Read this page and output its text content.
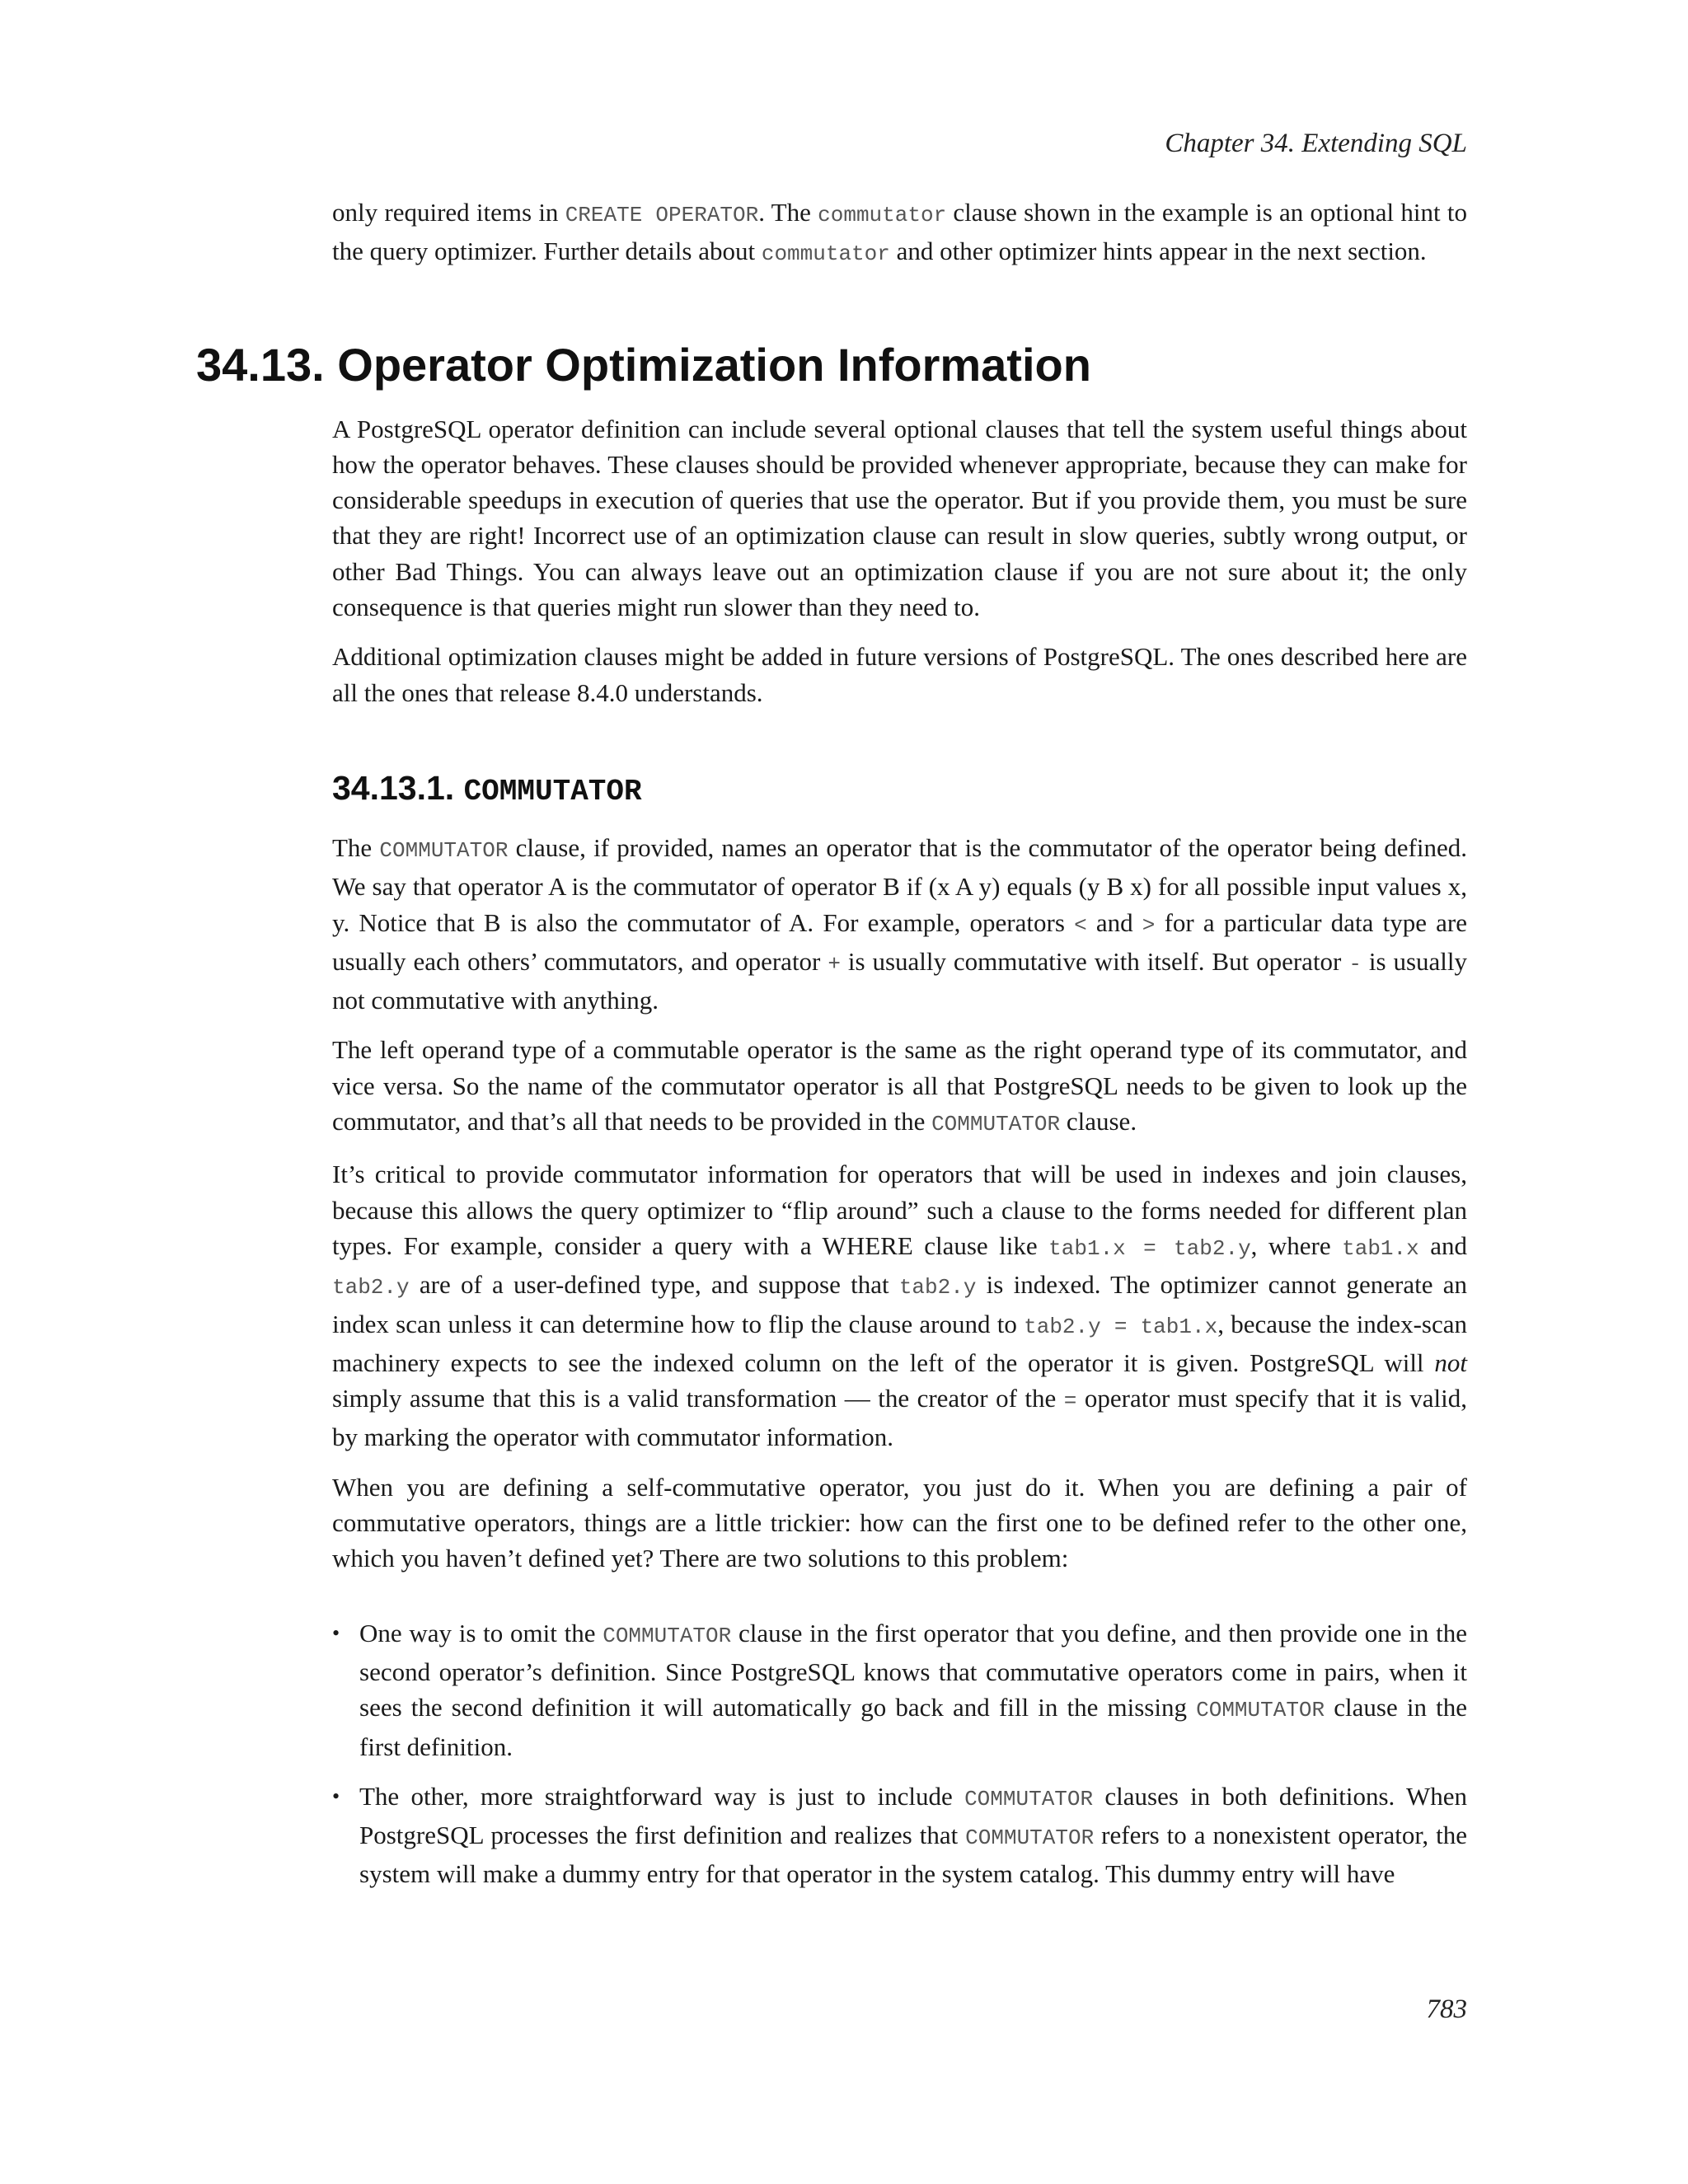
Chapter 34. Extending SQL

only required items in CREATE OPERATOR. The commutator clause shown in the example is an optional hint to the query optimizer. Further details about commutator and other optimizer hints appear in the next section.

34.13. Operator Optimization Information

A PostgreSQL operator definition can include several optional clauses that tell the system useful things about how the operator behaves. These clauses should be provided whenever appropriate, because they can make for considerable speedups in execution of queries that use the operator. But if you provide them, you must be sure that they are right! Incorrect use of an optimization clause can result in slow queries, subtly wrong output, or other Bad Things. You can always leave out an optimization clause if you are not sure about it; the only consequence is that queries might run slower than they need to.

Additional optimization clauses might be added in future versions of PostgreSQL. The ones described here are all the ones that release 8.4.0 understands.

34.13.1. COMMUTATOR

The COMMUTATOR clause, if provided, names an operator that is the commutator of the operator being defined. We say that operator A is the commutator of operator B if (x A y) equals (y B x) for all possible input values x, y. Notice that B is also the commutator of A. For example, operators < and > for a particular data type are usually each others’ commutators, and operator + is usually commutative with itself. But operator - is usually not commutative with anything.

The left operand type of a commutable operator is the same as the right operand type of its commutator, and vice versa. So the name of the commutator operator is all that PostgreSQL needs to be given to look up the commutator, and that’s all that needs to be provided in the COMMUTATOR clause.

It’s critical to provide commutator information for operators that will be used in indexes and join clauses, because this allows the query optimizer to “flip around” such a clause to the forms needed for different plan types. For example, consider a query with a WHERE clause like tab1.x = tab2.y, where tab1.x and tab2.y are of a user-defined type, and suppose that tab2.y is indexed. The optimizer cannot generate an index scan unless it can determine how to flip the clause around to tab2.y = tab1.x, because the index-scan machinery expects to see the indexed column on the left of the operator it is given. PostgreSQL will not simply assume that this is a valid transformation — the creator of the = operator must specify that it is valid, by marking the operator with commutator information.

When you are defining a self-commutative operator, you just do it. When you are defining a pair of commutative operators, things are a little trickier: how can the first one to be defined refer to the other one, which you haven’t defined yet? There are two solutions to this problem:

• One way is to omit the COMMUTATOR clause in the first operator that you define, and then provide one in the second operator’s definition. Since PostgreSQL knows that commutative operators come in pairs, when it sees the second definition it will automatically go back and fill in the missing COMMUTATOR clause in the first definition.
• The other, more straightforward way is just to include COMMUTATOR clauses in both definitions. When PostgreSQL processes the first definition and realizes that COMMUTATOR refers to a nonexistent operator, the system will make a dummy entry for that operator in the system catalog. This dummy entry will have
783
